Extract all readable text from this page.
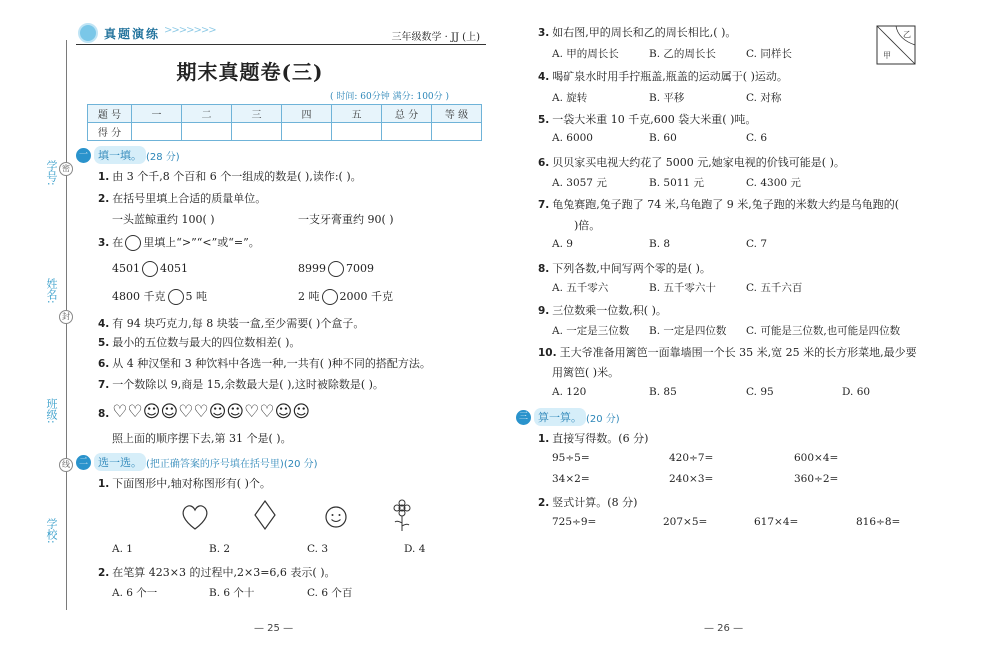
学号:
姓名:
班级:
学校:
密
封
线
真题演练 >>>>>>>
三年级数学 · JJ (上)
期末真题卷(三)
( 时间: 60分钟 满分: 100分 )
题 号	一	二	三	四	五	总 分	等 级
得 分							
一 填一填。 (28 分)
1. 由 3 个千,8 个百和 6 个一组成的数是( ),读作:( )。
2. 在括号里填上合适的质量单位。
一头蓝鲸重约 100( )	一支牙膏重约 90( )
3. 在 里填上“>”“<”或“=”。
4501 4051	8999 7009
4800 千克 5 吨	2 吨 2000 千克
4. 有 94 块巧克力,每 8 块装一盒,至少需要( )个盒子。
5. 最小的五位数与最大的四位数相差( )。
6. 从 4 种汉堡和 3 种饮料中各选一种,一共有( )种不同的搭配方法。
7. 一个数除以 9,商是 15,余数最大是( ),这时被除数是( )。
8. ♡♡☺☺♡♡☺☺♡♡☺☺
照上面的顺序摆下去,第 31 个是( )。
二 选一选。 (把正确答案的序号填在括号里) (20 分)
1. 下面图形中,轴对称图形有( )个。
A. 1	B. 2	C. 3	D. 4
2. 在笔算 423×3 的过程中,2×3=6,6 表示( )。
A. 6 个一	B. 6 个十	C. 6 个百
— 25 —
3. 如右图,甲的周长和乙的周长相比,( )。
A. 甲的周长长	B. 乙的周长长	C. 同样长
4. 喝矿泉水时用手拧瓶盖,瓶盖的运动属于( )运动。
A. 旋转	B. 平移	C. 对称
5. 一袋大米重 10 千克,600 袋大米重( )吨。
A. 6000	B. 60	C. 6
6. 贝贝家买电视大约花了 5000 元,她家电视的价钱可能是( )。
A. 3057 元	B. 5011 元	C. 4300 元
7. 龟兔赛跑,兔子跑了 74 米,乌龟跑了 9 米,兔子跑的米数大约是乌龟跑的(
)倍。
A. 9	B. 8	C. 7
8. 下列各数,中间写两个零的是( )。
A. 五千零六	B. 五千零六十	C. 五千六百
9. 三位数乘一位数,积( )。
A. 一定是三位数 B. 一定是四位数 C. 可能是三位数,也可能是四位数
10. 王大爷准备用篱笆一面靠墙围一个长 35 米,宽 25 米的长方形菜地,最少要
用篱笆( )米。
A. 120	B. 85	C. 95	D. 60
三 算一算。 (20 分)
1. 直接写得数。(6 分)
95÷5=	420÷7=	600×4=
34×2=	240×3=	360÷2=
2. 竖式计算。(8 分)
725÷9=	207×5=	617×4=	816÷8=
— 26 —
甲
乙
